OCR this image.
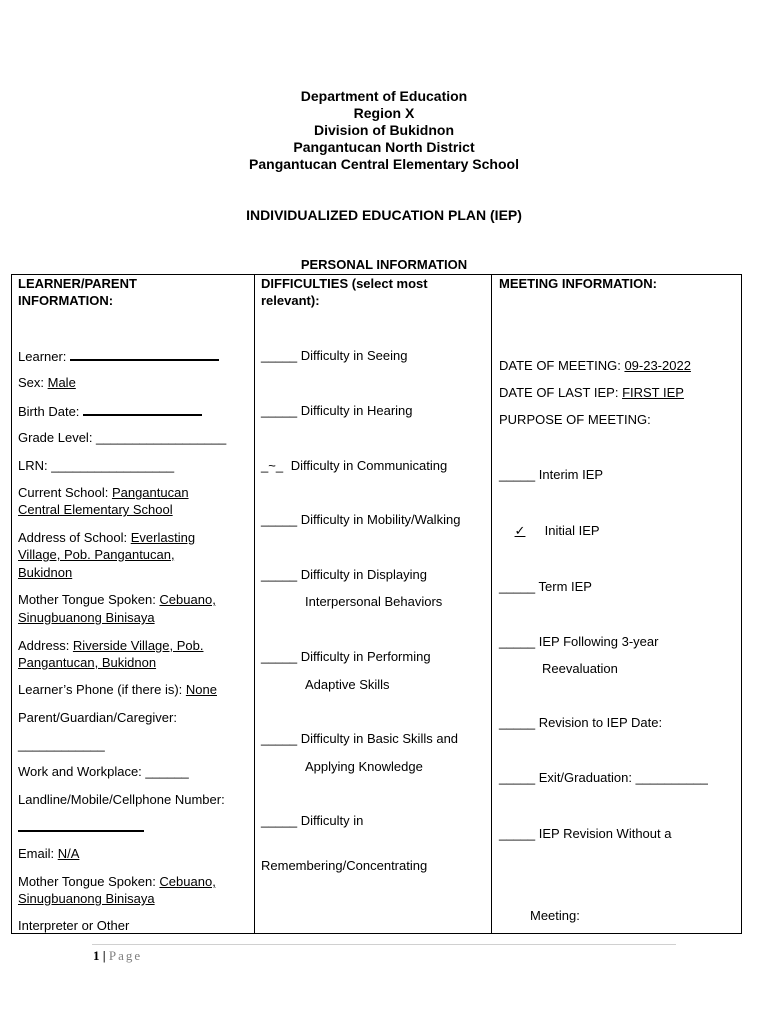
Department of Education
Region X
Division of Bukidnon
Pangantucan North District
Pangantucan Central Elementary School
INDIVIDUALIZED EDUCATION PLAN (IEP)
PERSONAL INFORMATION
LEARNER/PARENT
INFORMATION:
Learner:
Sex: Male
Birth Date:
Grade Level: __________________
LRN: _________________
Current School: Pangantucan
Central Elementary School
Address of School: Everlasting
Village, Pob. Pangantucan,
Bukidnon
Mother Tongue Spoken: Cebuano,
Sinugbuanong Binisaya
Address: Riverside Village, Pob.
Pangantucan, Bukidnon
Learner’s Phone (if there is): None
Parent/Guardian/Caregiver:
____________
Work and Workplace: ______
Landline/Mobile/Cellphone Number:
Email: N/A
Mother Tongue Spoken: Cebuano,
Sinugbuanong Binisaya
Interpreter or Other
DIFFICULTIES (select most
relevant):
_____ Difficulty in Seeing
_____ Difficulty in Hearing
_~_ Difficulty in Communicating
_____ Difficulty in Mobility/Walking
_____ Difficulty in Displaying
Interpersonal Behaviors
_____ Difficulty in Performing
Adaptive Skills
_____ Difficulty in Basic Skills and
Applying Knowledge
_____ Difficulty in
Remembering/Concentrating
MEETING INFORMATION:
DATE OF MEETING: 09-23-2022
DATE OF LAST IEP: FIRST IEP
PURPOSE OF MEETING:
_____ Interim IEP
✓ Initial IEP
_____ Term IEP
_____ IEP Following 3-year
Reevaluation
_____ Revision to IEP Date:
_____ Exit/Graduation: __________
_____ IEP Revision Without a
Meeting:
1 | Page
